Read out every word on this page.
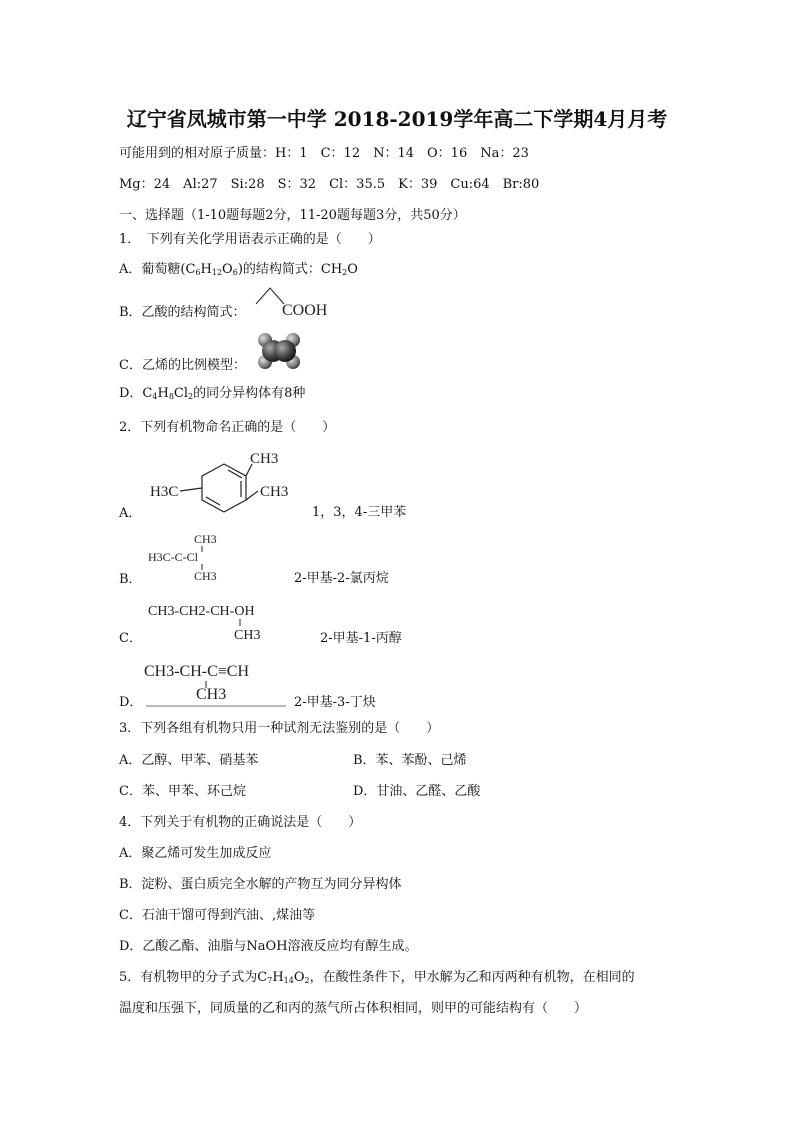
辽宁省凤城市第一中学 2018-2019学年高二下学期4月月考
可能用到的相对原子质量：H：1　C：12　N：14　O：16　Na：23
Mg：24　Al:27　Si:28　S：32　Cl：35.5　K：39　Cu:64　Br:80
一、选择题（1-10题每题2分，11-20题每题3分，共50分）
1．　下列有关化学用语表示正确的是（　　）
A．葡萄糖$(C_6H_{12}O_6)$的结构简式：$CH_2O$
B．乙酸的结构简式： COOH
C．乙烯的比例模型：
D．$C_4H_8Cl_2$的同分异构体有8种
2．下列有机物命名正确的是（　　）
A．
CH3
CH3
H3C
1，3，4-三甲苯
B．
CH3
H3C-C-Cl
CH3	2-甲基-2-氯丙烷
C．
CH3-CH2-CH-OH
CH3	2-甲基-1-丙醇
D．
CH3-CH-C≡CH
CH3	2-甲基-3-丁炔
3．下列各组有机物只用一种试剂无法鉴别的是（　　）
A．乙醇、甲苯、硝基苯	B．苯、苯酚、己烯
C．苯、甲苯、环己烷	D．甘油、乙醛、乙酸
4．下列关于有机物的正确说法是（　　）
A．聚乙烯可发生加成反应
B．淀粉、蛋白质完全水解的产物互为同分异构体
C．石油干馏可得到汽油、,煤油等
D．乙酸乙酯、油脂与NaOH溶液反应均有醇生成。
5．有机物甲的分子式为$C_7H_{14}O_2$，在酸性条件下，甲水解为乙和丙两种有机物，在相同的
温度和压强下，同质量的乙和丙的蒸气所占体积相同，则甲的可能结构有（　　）
